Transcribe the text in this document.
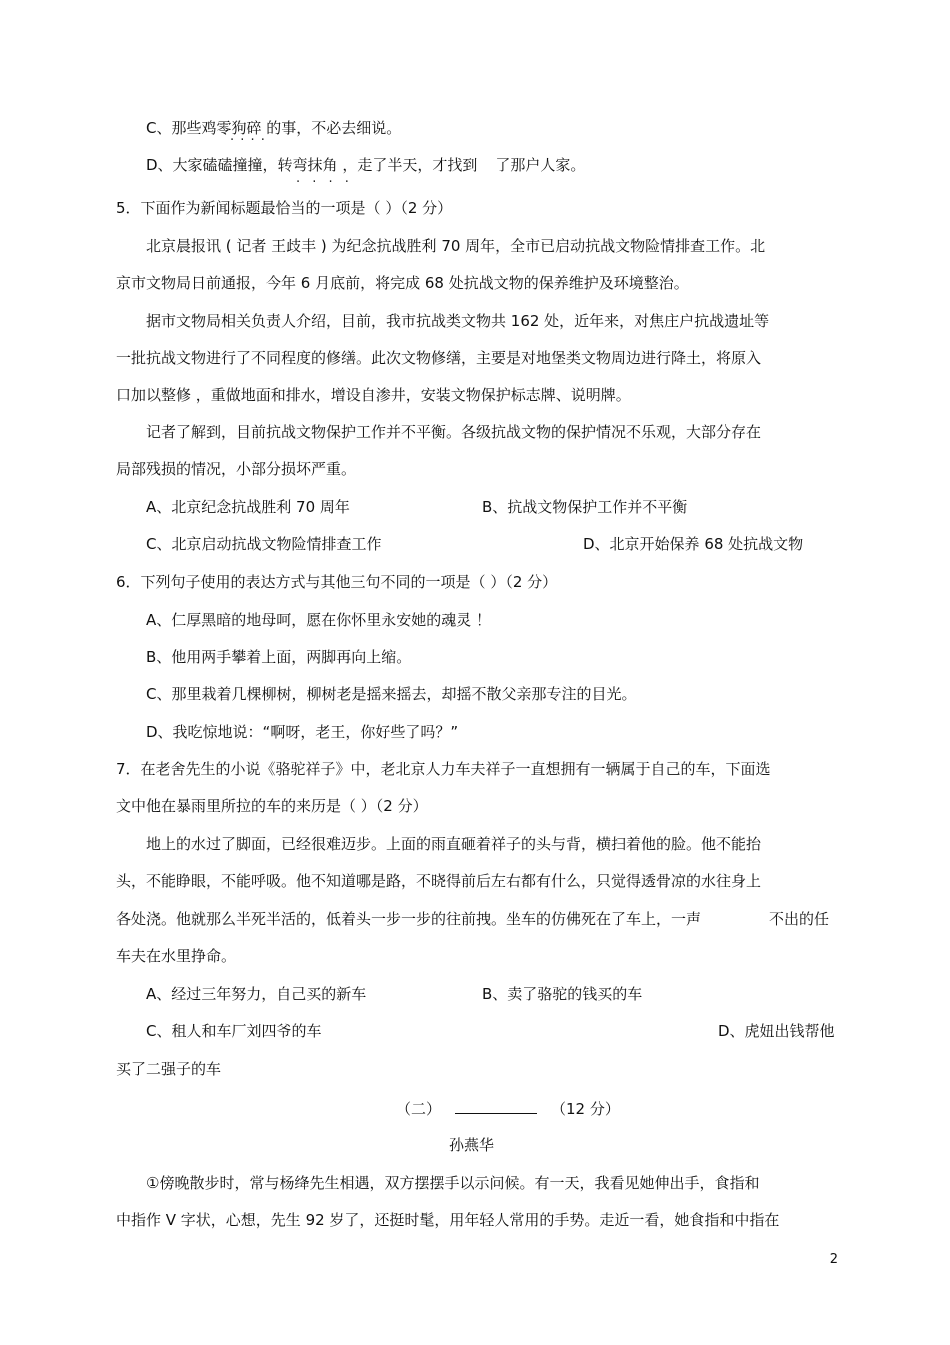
C、那些鸡零狗碎 的事，不必去细说。
· ·
D、大家磕磕撞撞，转弯抹角 ，走了半天，才找到 了那户人家。
· · · ·
5．下面作为新闻标题最恰当的一项是（ ）（2 分）
北京晨报讯 ( 记者 王歧丰 ) 为纪念抗战胜利 70 周年，全市已启动抗战文物险情排查工作。北
京市文物局日前通报，今年 6 月底前，将完成 68 处抗战文物的保养维护及环境整治。
据市文物局相关负责人介绍，目前，我市抗战类文物共 162 处，近年来，对焦庄户抗战遗址等
一批抗战文物进行了不同程度的修缮。此次文物修缮，主要是对地堡类文物周边进行降土，将原入
口加以整修 ，重做地面和排水，增设自渗井，安装文物保护标志牌、说明牌。
记者了解到，目前抗战文物保护工作并不平衡。各级抗战文物的保护情况不乐观，大部分存在
局部残损的情况，小部分损坏严重。
A、北京纪念抗战胜利 70 周年	B、抗战文物保护工作并不平衡
C、北京启动抗战文物险情排查工作	D、北京开始保养 68 处抗战文物
6．下列句子使用的表达方式与其他三句不同的一项是（ ）（2 分）
A、仁厚黑暗的地母呵，愿在你怀里永安她的魂灵 ！
B、他用两手攀着上面，两脚再向上缩。
C、那里栽着几棵柳树，柳树老是摇来摇去，却摇不散父亲那专注的目光。
D、我吃惊地说：“啊呀，老王，你好些了吗？”
7．在老舍先生的小说《骆驼祥子》中，老北京人力车夫祥子一直想拥有一辆属于自己的车，下面选
文中他在暴雨里所拉的车的来历是（ ）（2 分）
地上的水过了脚面，已经很难迈步。上面的雨直砸着祥子的头与背，横扫着他的脸。他不能抬
头，不能睁眼，不能呼吸。他不知道哪是路，不晓得前后左右都有什么，只觉得透骨凉的水往身上
各处浇。他就那么半死半活的，低着头一步一步的往前拽。坐车的仿佛死在了车上，一声	不出的任
车夫在水里挣命。
A、经过三年努力，自己买的新车	B、卖了骆驼的钱买的车
C、租人和车厂刘四爷的车	D、虎妞出钱帮他
买了二强子的车
（二）	（12 分）
孙燕华
①傍晚散步时，常与杨绛先生相遇，双方摆摆手以示问候。有一天，我看见她伸出手，食指和
中指作 V 字状，心想，先生 92 岁了，还挺时髦，用年轻人常用的手势。走近一看，她食指和中指在
2
